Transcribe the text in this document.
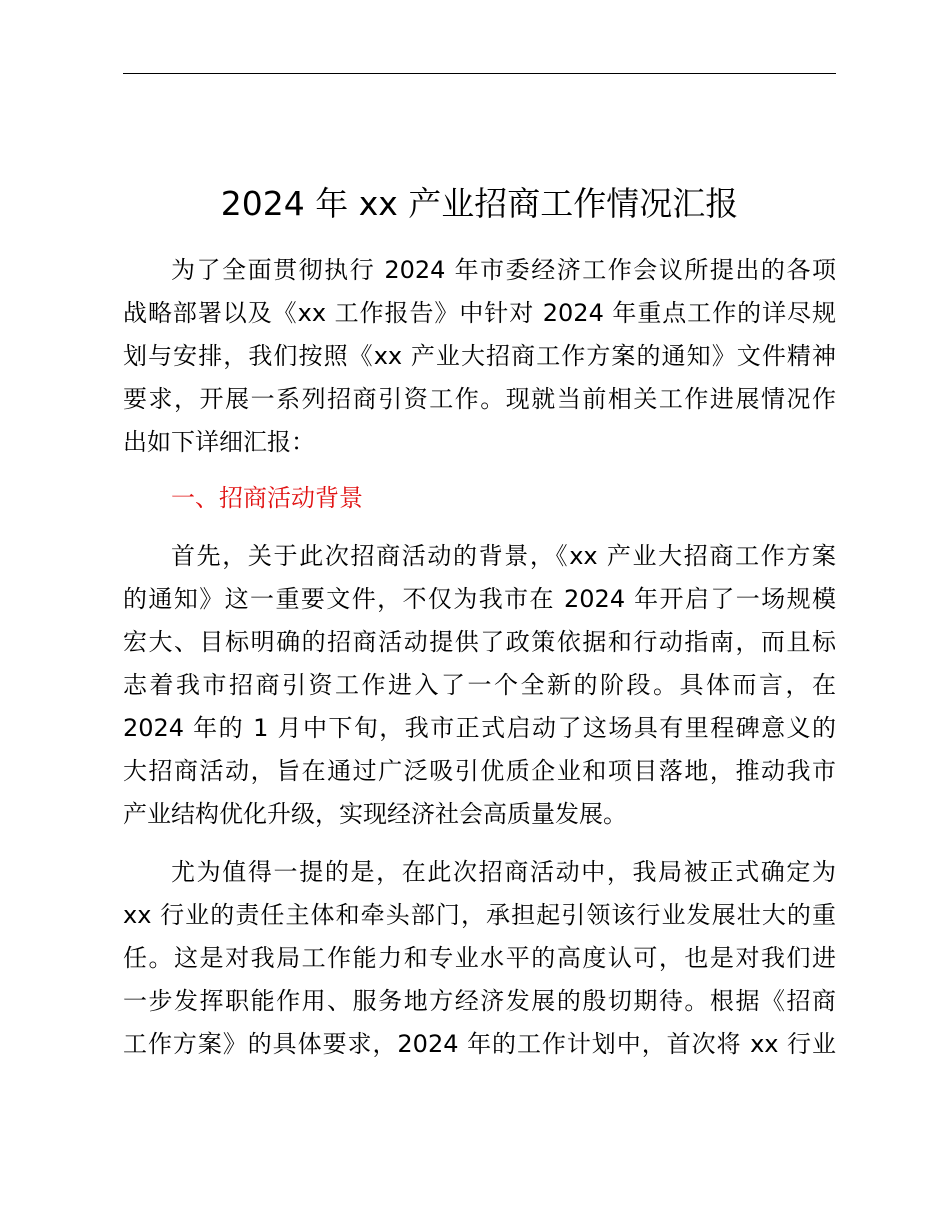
2024 年 xx 产业招商工作情况汇报
为了全面贯彻执行 2024 年市委经济工作会议所提出的各项
战略部署以及《xx 工作报告》中针对 2024 年重点工作的详尽规
划与安排，我们按照《xx 产业大招商工作方案的通知》文件精神
要求，开展一系列招商引资工作。现就当前相关工作进展情况作
出如下详细汇报：
一、招商活动背景
首先，关于此次招商活动的背景，《xx 产业大招商工作方案
的通知》这一重要文件，不仅为我市在 2024 年开启了一场规模
宏大、目标明确的招商活动提供了政策依据和行动指南，而且标
志着我市招商引资工作进入了一个全新的阶段。具体而言，在
2024 年的 1 月中下旬，我市正式启动了这场具有里程碑意义的
大招商活动，旨在通过广泛吸引优质企业和项目落地，推动我市
产业结构优化升级，实现经济社会高质量发展。
尤为值得一提的是，在此次招商活动中，我局被正式确定为
xx 行业的责任主体和牵头部门，承担起引领该行业发展壮大的重
任。这是对我局工作能力和专业水平的高度认可，也是对我们进
一步发挥职能作用、服务地方经济发展的殷切期待。根据《招商
工作方案》的具体要求，2024 年的工作计划中，首次将 xx 行业
